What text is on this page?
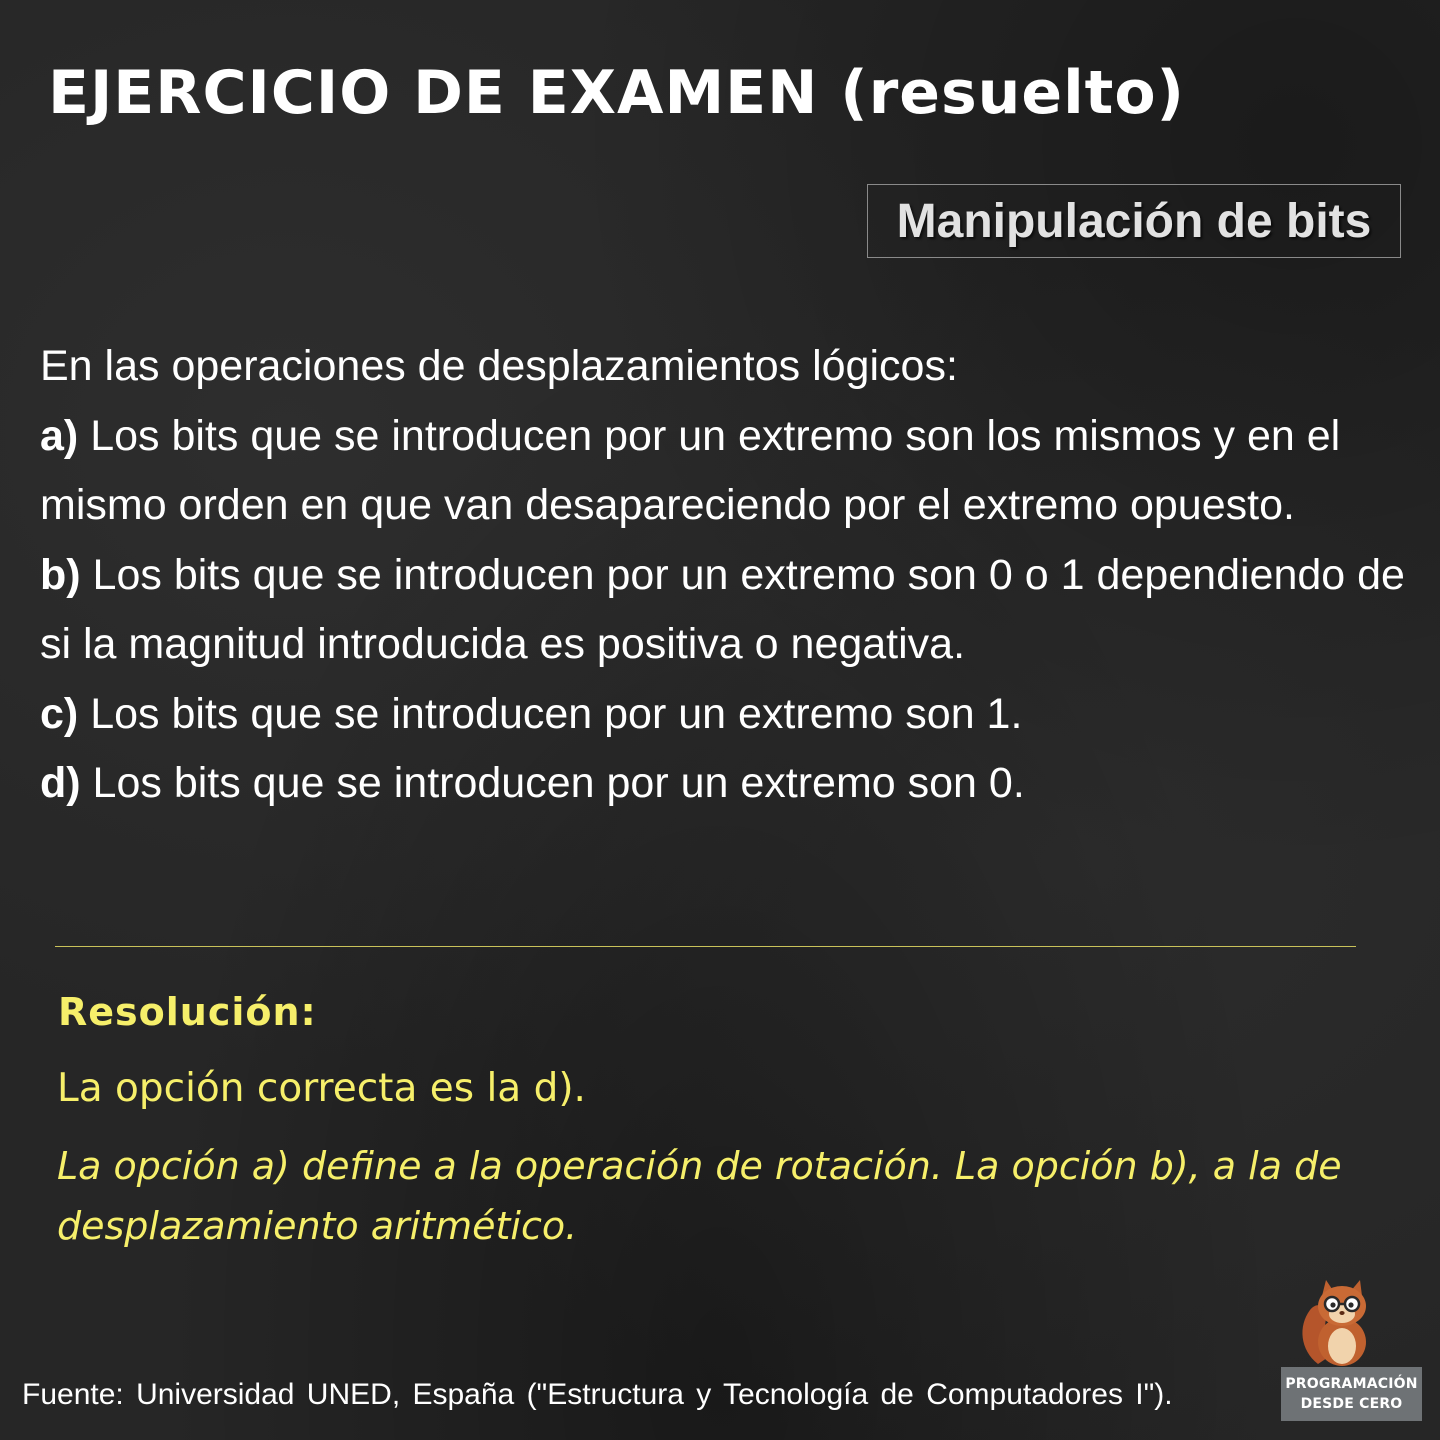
EJERCICIO DE EXAMEN (resuelto)
Manipulación de bits

En las operaciones de desplazamientos lógicos:

a) Los bits que se introducen por un extremo son los mismos y en el mismo orden en que van desapareciendo por el extremo opuesto.

b) Los bits que se introducen por un extremo son 0 o 1 dependiendo de si la magnitud introducida es positiva o negativa.

c) Los bits que se introducen por un extremo son 1.

d) Los bits que se introducen por un extremo son 0.

Resolución:
La opción correcta es la d).
La opción a) define a la operación de rotación. La opción b), a la de desplazamiento aritmético.
Fuente: Universidad UNED, España ("Estructura y Tecnología de Computadores I").	PROGRAMACIÓN
DESDE CERO
